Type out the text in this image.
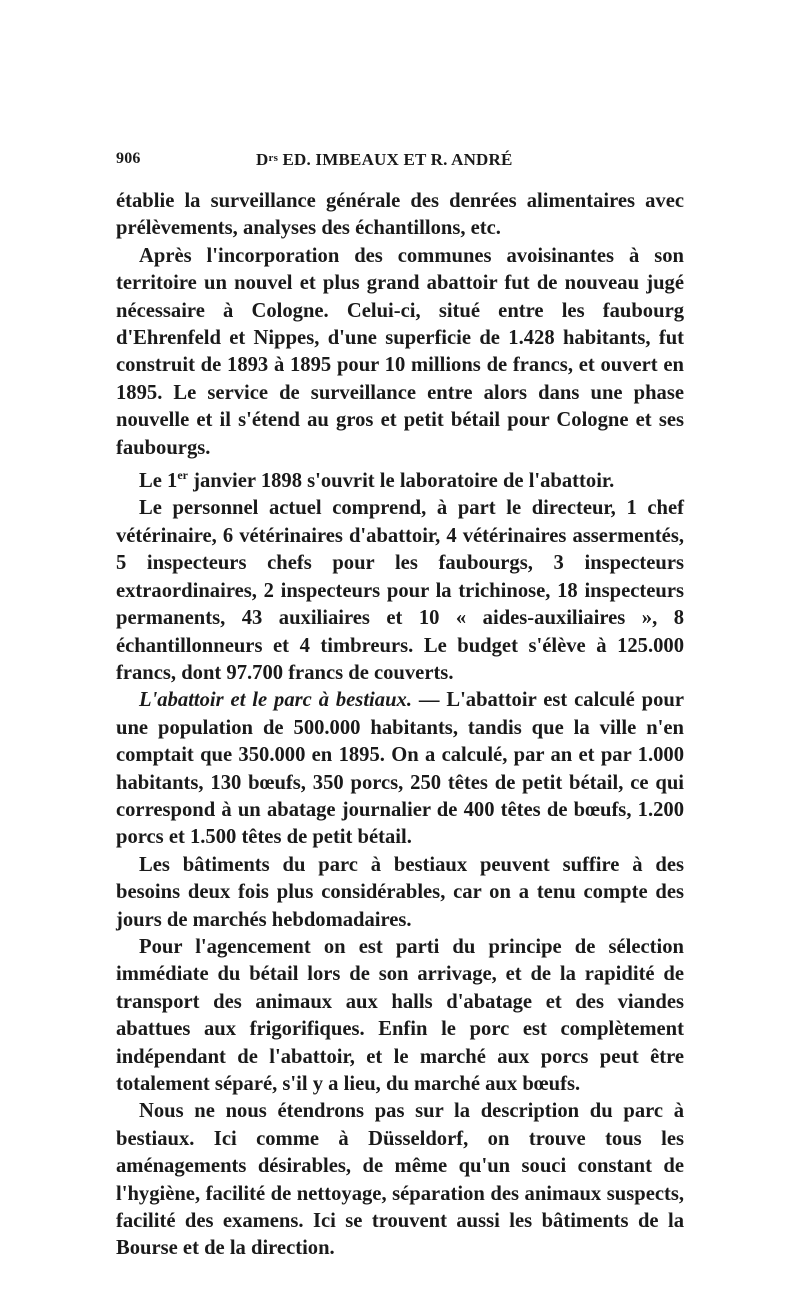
906	$D^{rs}$ ED. IMBEAUX ET R. ANDRÉ

établie la surveillance générale des denrées alimentaires avec prélèvements, analyses des échantillons, etc.

Après l'incorporation des communes avoisinantes à son territoire un nouvel et plus grand abattoir fut de nouveau jugé nécessaire à Cologne. Celui-ci, situé entre les faubourg d'Ehrenfeld et Nippes, d'une superficie de 1.428 habitants, fut construit de 1893 à 1895 pour 10 millions de francs, et ouvert en 1895. Le service de surveillance entre alors dans une phase nouvelle et il s'étend au gros et petit bétail pour Cologne et ses faubourgs.

Le 1er janvier 1898 s'ouvrit le laboratoire de l'abattoir.

Le personnel actuel comprend, à part le directeur, 1 chef vétérinaire, 6 vétérinaires d'abattoir, 4 vétérinaires assermentés, 5 inspecteurs chefs pour les faubourgs, 3 inspecteurs extraordinaires, 2 inspecteurs pour la trichinose, 18 inspecteurs permanents, 43 auxiliaires et 10 « aides-auxiliaires », 8 échantillonneurs et 4 timbreurs. Le budget s'élève à 125.000 francs, dont 97.700 francs de couverts.

L'abattoir et le parc à bestiaux. — L'abattoir est calculé pour une population de 500.000 habitants, tandis que la ville n'en comptait que 350.000 en 1895. On a calculé, par an et par 1.000 habitants, 130 bœufs, 350 porcs, 250 têtes de petit bétail, ce qui correspond à un abatage journalier de 400 têtes de bœufs, 1.200 porcs et 1.500 têtes de petit bétail.

Les bâtiments du parc à bestiaux peuvent suffire à des besoins deux fois plus considérables, car on a tenu compte des jours de marchés hebdomadaires.

Pour l'agencement on est parti du principe de sélection immédiate du bétail lors de son arrivage, et de la rapidité de transport des animaux aux halls d'abatage et des viandes abattues aux frigorifiques. Enfin le porc est complètement indépendant de l'abattoir, et le marché aux porcs peut être totalement séparé, s'il y a lieu, du marché aux bœufs.

Nous ne nous étendrons pas sur la description du parc à bestiaux. Ici comme à Düsseldorf, on trouve tous les aménagements désirables, de même qu'un souci constant de l'hygiène, facilité de nettoyage, séparation des animaux suspects, facilité des examens. Ici se trouvent aussi les bâtiments de la Bourse et de la direction.
